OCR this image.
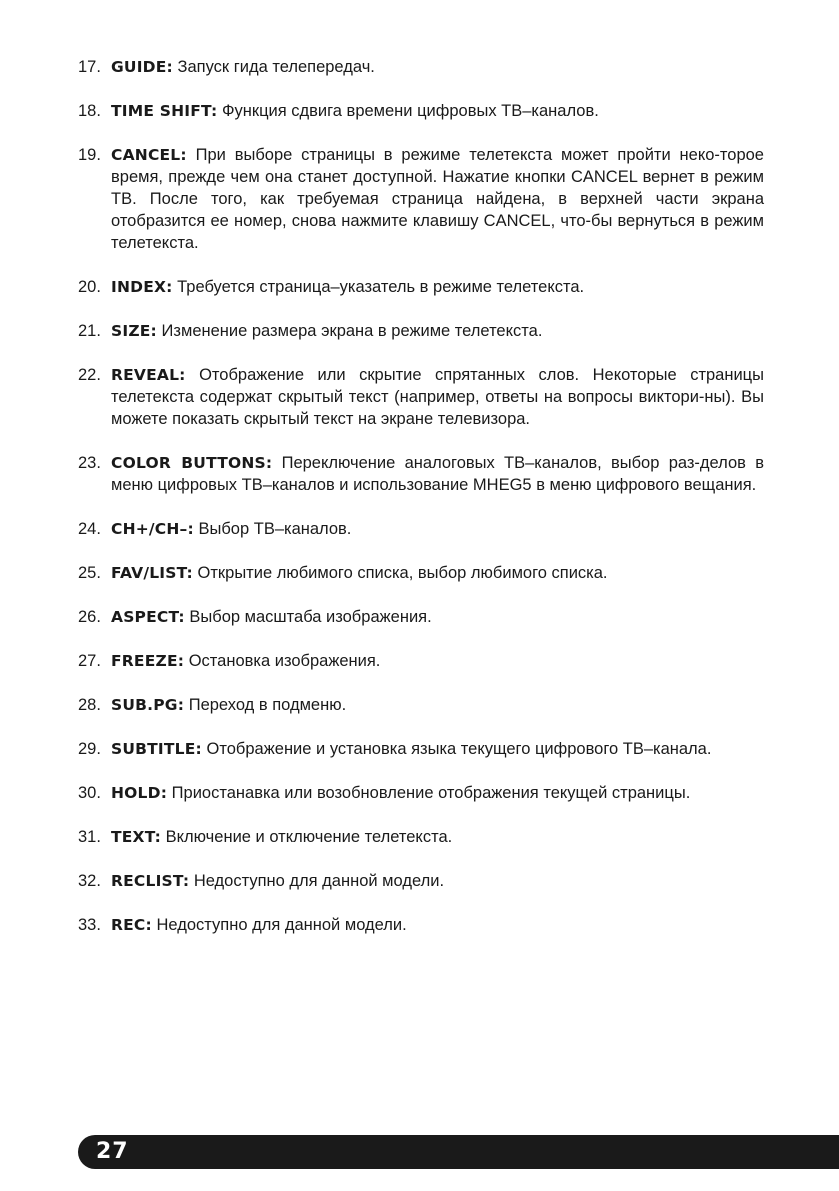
17. GUIDE: Запуск гида телепередач.
18. TIME SHIFT: Функция сдвига времени цифровых ТВ–каналов.
19. CANCEL: При выборе страницы в режиме телетекста может пройти неко-торое время, прежде чем она станет доступной. Нажатие кнопки CANCEL вернет в режим ТВ. После того, как требуемая страница найдена, в верхней части экрана отобразится ее номер, снова нажмите клавишу CANCEL, что-бы вернуться в режим телетекста.
20. INDEX: Требуется страница–указатель в режиме телетекста.
21. SIZE: Изменение размера экрана в режиме телетекста.
22. REVEAL: Отображение или скрытие спрятанных слов. Некоторые страницы телетекста содержат скрытый текст (например, ответы на вопросы виктори-ны). Вы можете показать скрытый текст на экране телевизора.
23. COLOR BUTTONS: Переключение аналоговых ТВ–каналов, выбор раз-делов в меню цифровых ТВ–каналов и использование MHEG5 в меню цифрового вещания.
24. CH+/CH–: Выбор ТВ–каналов.
25. FAV/LIST: Открытие любимого списка, выбор любимого списка.
26. ASPECT: Выбор масштаба изображения.
27. FREEZE: Остановка изображения.
28. SUB.PG: Переход в подменю.
29. SUBTITLE: Отображение и установка языка текущего цифрового ТВ–канала.
30. HOLD: Приостанавка или возобновление отображения текущей страницы.
31. TEXT: Включение и отключение телетекста.
32. RECLIST: Недоступно для данной модели.
33. REC: Недоступно для данной модели.
27
